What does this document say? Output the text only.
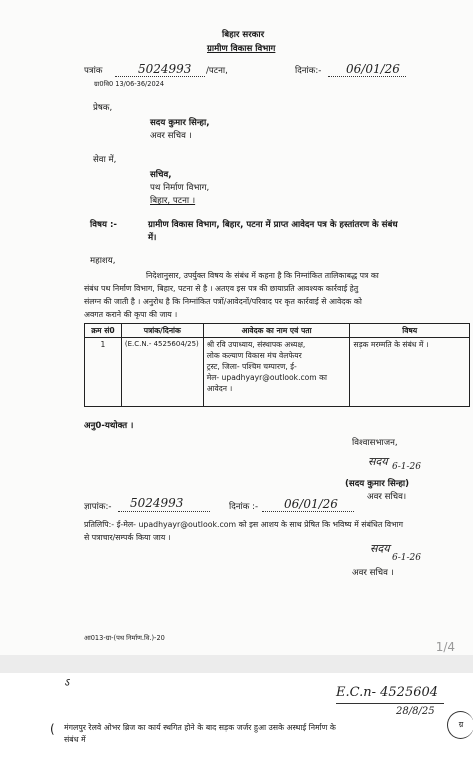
बिहार सरकार
ग्रामीण विकास विभाग
पत्रांक	5024993 /पटना,	दिनांक:- 06/01/26
ग्रा0वि0 13/06-36/2024
प्रेषक,
सदय कुमार सिन्हा,
अवर सचिव ।
सेवा में,
सचिव,
पथ निर्माण विभाग,
बिहार, पटना ।
विषय :-	ग्रामीण विकास विभाग, बिहार, पटना में प्राप्त आवेदन पत्र के हस्तांतरण के संबंध
में।
महाशय,
निदेशानुसार, उपर्युक्त विषय के संबंध में कहना है कि निम्नांकित तालिकाबद्ध पत्र का
संबंध पथ निर्माण विभाग, बिहार, पटना से है । अतएव इस पत्र की छायाप्रति आवश्यक कार्रवाई हेतु
संलग्न की जाती है । अनुरोध है कि निम्नांकित पत्रों/आवेदनों/परिवाद पर कृत कार्रवाई से आवेदक को
अवगत कराने की कृपा की जाय ।
क्रम सं0	पत्रांक/दिनांक	आवेदक का नाम एवं पता	विषय
1	(E.C.N.- 4525604/25)	श्री रवि उपाध्याय, संस्थापक अध्यक्ष,
लोक कल्याण विकास मंच वेलफेयर
ट्रस्ट, जिला- पश्चिम चम्पारण, ई-
मेल- upadhyayr@outlook.com का
आवेदन ।	सड़क मरम्मति के संबंध में ।
अनु0-यथोक्त ।
विश्वासभाजन,
सदय 6-1-26
(सदय कुमार सिन्हा)
अवर सचिव।
ज्ञापांक:- 5024993	दिनांक :- 06/01/26
प्रतिलिपि:- ई-मेल- upadhyayr@outlook.com को इस आशय के साथ प्रेषित कि भविष्य में संबंधित विभाग
से पत्राचार/सम्पर्क किया जाय ।
सदय
6-1-26
अवर सचिव ।
आ013-ग्रा-(पथ निर्माण.वि.)-20
1/4
ऽ
E.C.n- 4525604
28/8/25
ग्र
( मंगलपुर रेलवे ओभर ब्रिज का कार्य स्थगित होने के बाद सड़क जर्जर हुआ उसके अस्थाई निर्माण के
संबंध में
